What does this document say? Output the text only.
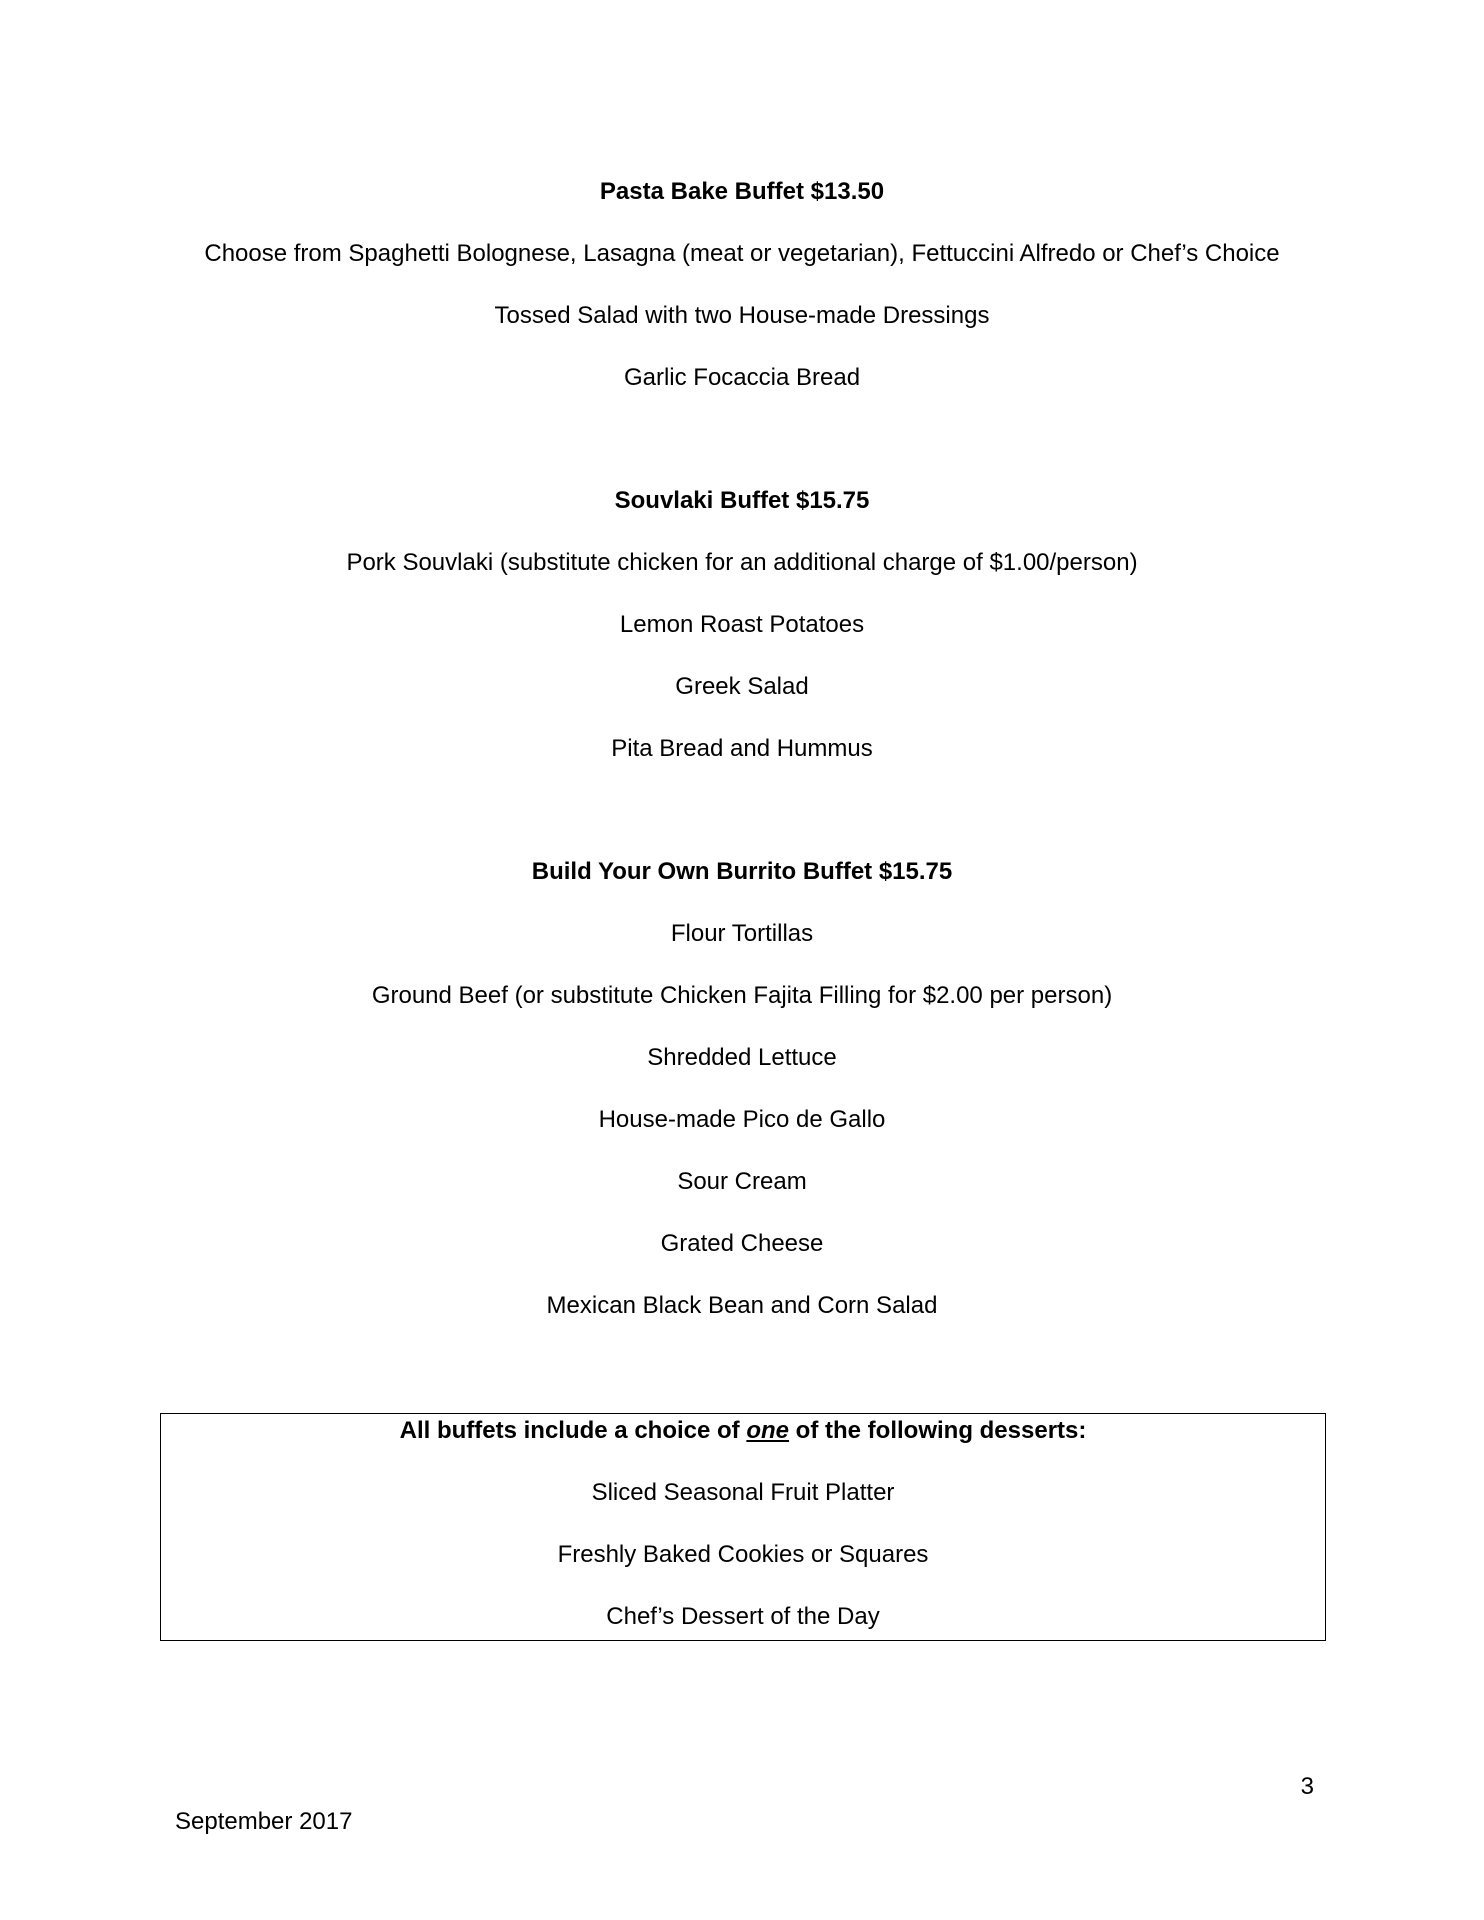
Pasta Bake Buffet $13.50
Choose from Spaghetti Bolognese, Lasagna (meat or vegetarian), Fettuccini Alfredo or Chef’s Choice
Tossed Salad with two House-made Dressings
Garlic Focaccia Bread
Souvlaki Buffet $15.75
Pork Souvlaki (substitute chicken for an additional charge of $1.00/person)
Lemon Roast Potatoes
Greek Salad
Pita Bread and Hummus
Build Your Own Burrito Buffet $15.75
Flour Tortillas
Ground Beef (or substitute Chicken Fajita Filling for $2.00 per person)
Shredded Lettuce
House-made Pico de Gallo
Sour Cream
Grated Cheese
Mexican Black Bean and Corn Salad
All buffets include a choice of one of the following desserts:
Sliced Seasonal Fruit Platter
Freshly Baked Cookies or Squares
Chef’s Dessert of the Day
3
September 2017
